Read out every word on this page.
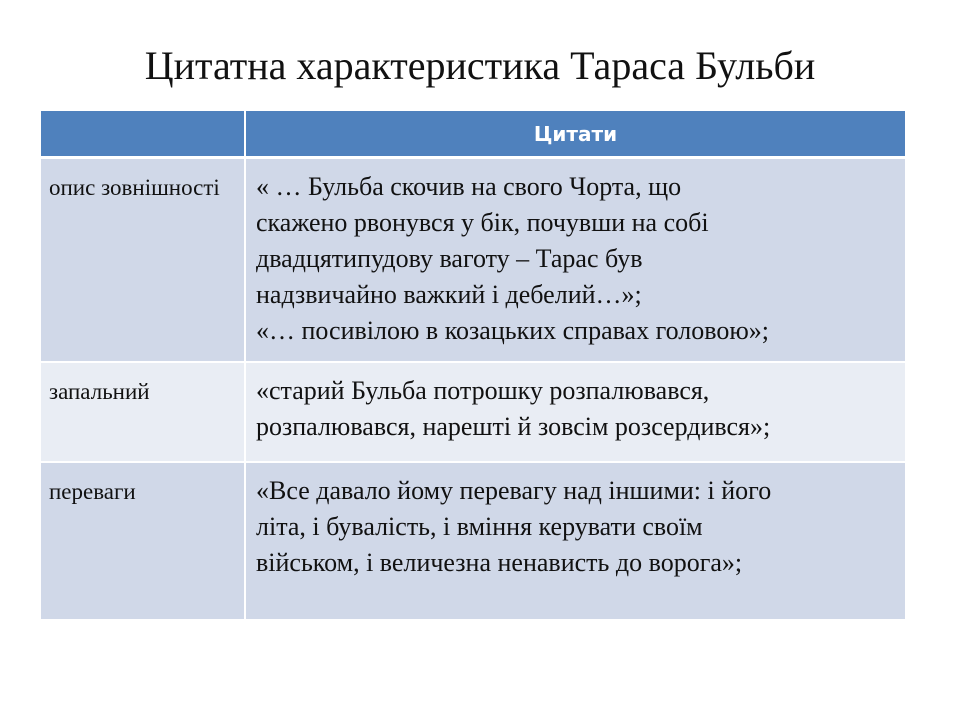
Цитатна характеристика Тараса Бульби
	Цитати
опис зовнішності	« … Бульба скочив на свого Чорта, що
скажено рвонувся у бік, почувши на собі
двадцятипудову ваготу – Тарас був
надзвичайно важкий і дебелий…»;
«… посивілою в козацьких справах головою»;

запальний	«старий Бульба потрошку розпалювався,
розпалювався, нарешті й зовсім розсердився»;

переваги	«Все давало йому перевагу над іншими: і його
літа, і бувалість, і вміння керувати своїм
військом, і величезна ненависть до ворога»;
